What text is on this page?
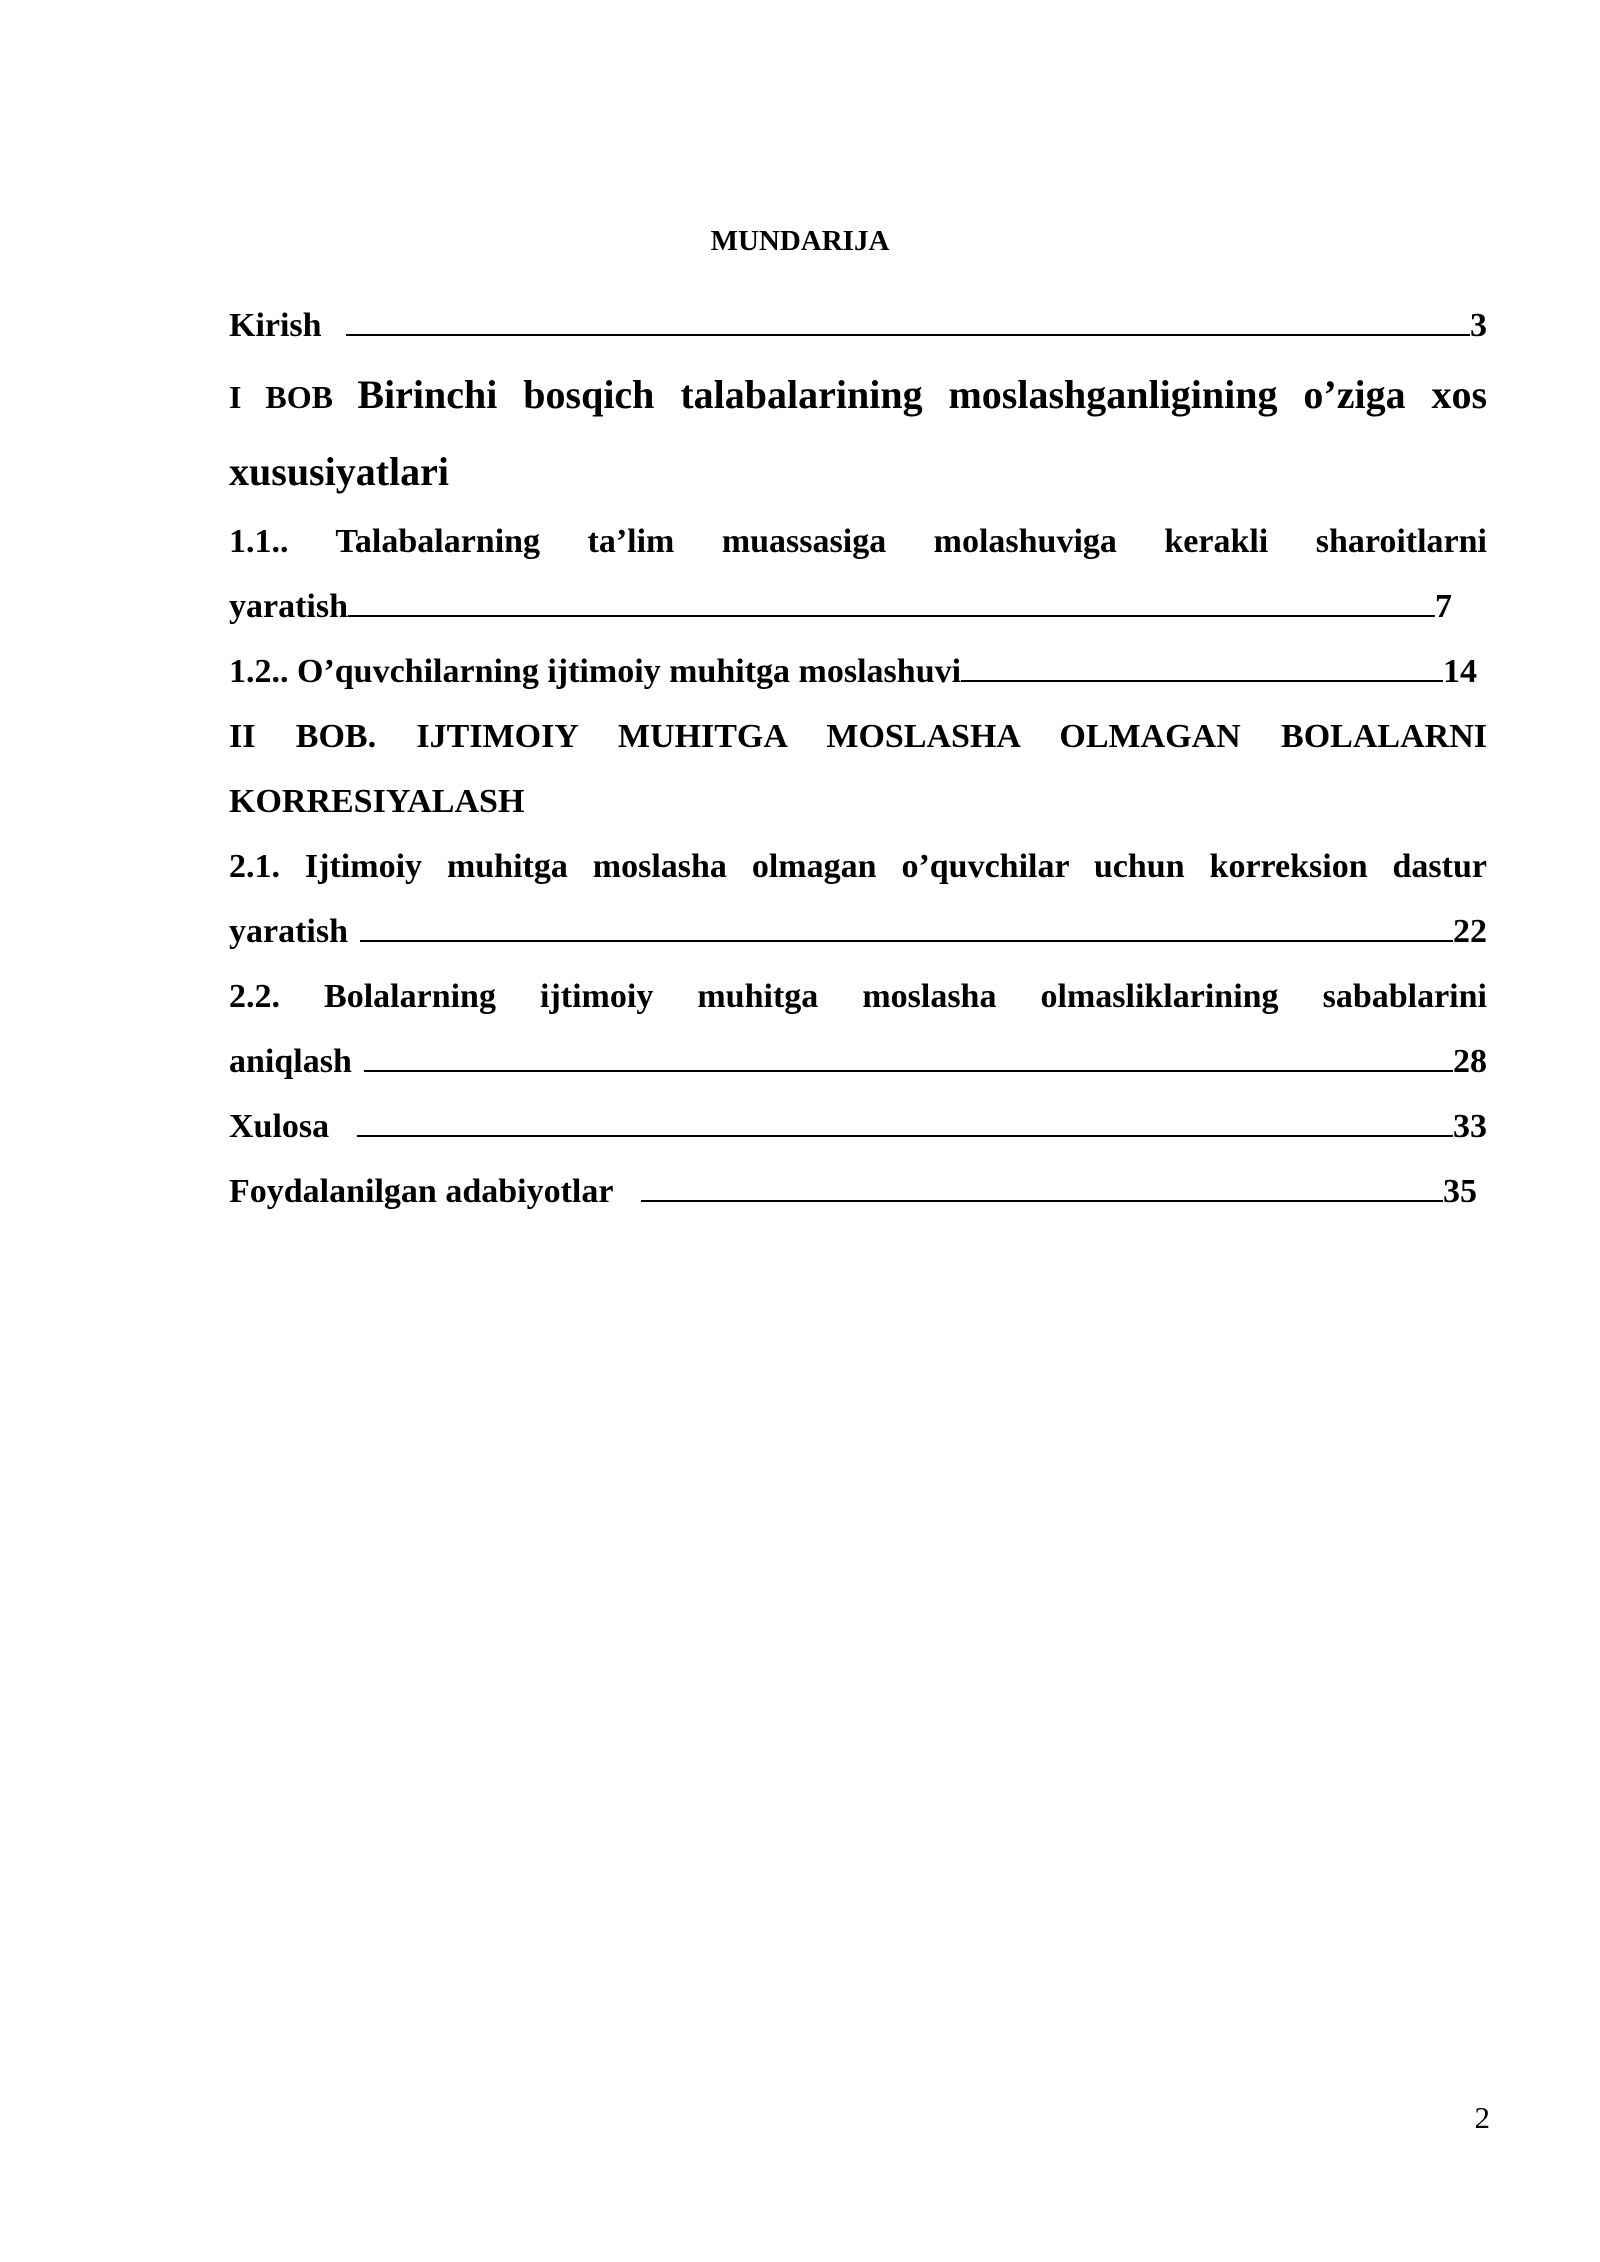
MUNDARIJA
Kirish	3
I BOB Birinchi bosqich talabalarining moslashganligining o’ziga xos
xususiyatlari
1.1.. Talabalarning ta’lim muassasiga molashuviga kerakli sharoitlarni
yaratish	7
1.2.. O’quvchilarning ijtimoiy muhitga moslashuvi	14
II BOB. IJTIMOIY MUHITGA MOSLASHA OLMAGAN BOLALARNI
KORRESIYALASH
2.1. Ijtimoiy muhitga moslasha olmagan o’quvchilar uchun korreksion dastur
yaratish	22
2.2. Bolalarning ijtimoiy muhitga moslasha olmasliklarining sabablarini
aniqlash	28
Xulosa	33
Foydalanilgan adabiyotlar	35
2
